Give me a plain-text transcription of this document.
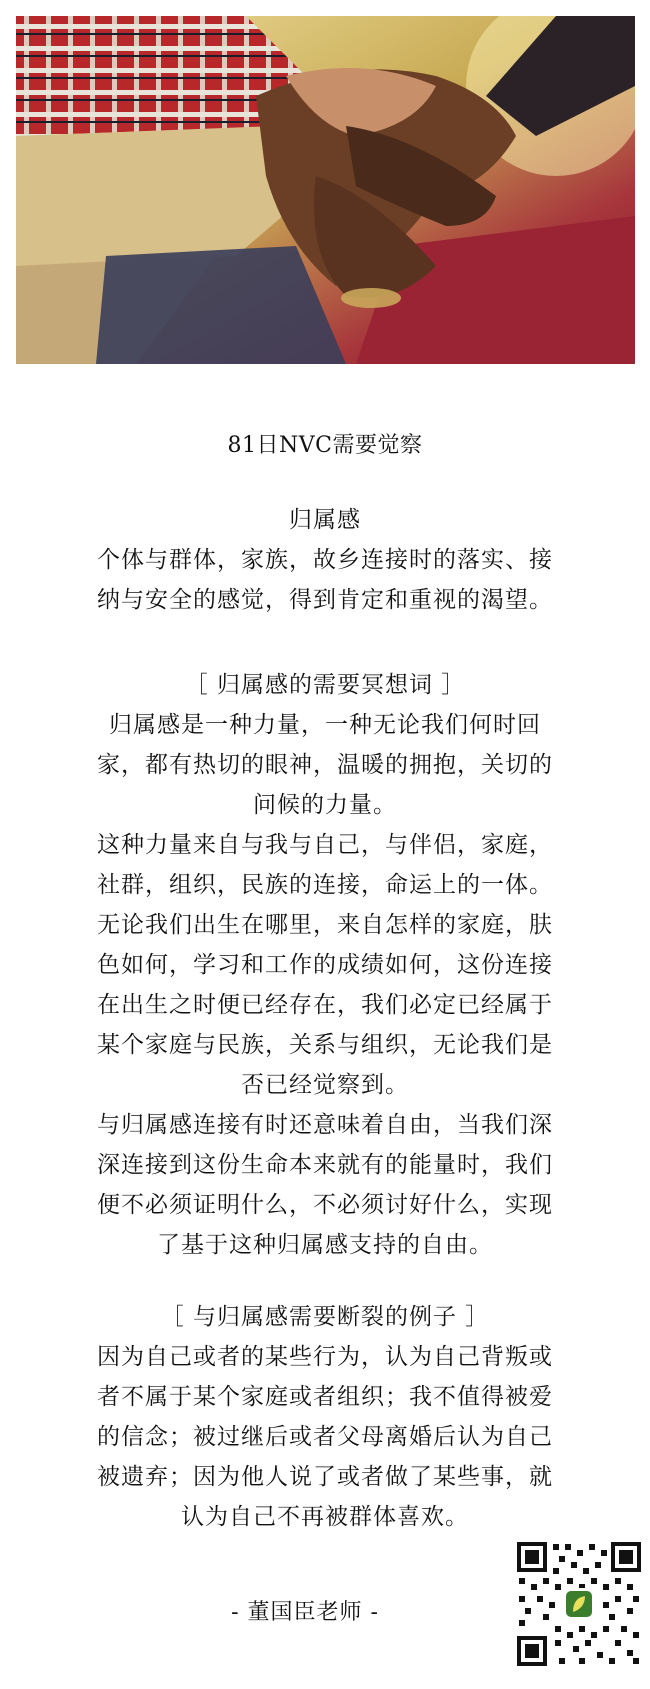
81日NVC需要觉察

归属感

个体与群体，家族，故乡连接时的落实、接

纳与安全的感觉，得到肯定和重视的渴望。

［ 归属感的需要冥想词 ］

归属感是一种力量，一种无论我们何时回

家，都有热切的眼神，温暖的拥抱，关切的

问候的力量。

这种力量来自与我与自己，与伴侣，家庭，

社群，组织，民族的连接，命运上的一体。

无论我们出生在哪里，来自怎样的家庭，肤

色如何，学习和工作的成绩如何，这份连接

在出生之时便已经存在，我们必定已经属于

某个家庭与民族，关系与组织，无论我们是

否已经觉察到。

与归属感连接有时还意味着自由，当我们深

深连接到这份生命本来就有的能量时，我们

便不必须证明什么，不必须讨好什么，实现

了基于这种归属感支持的自由。

［ 与归属感需要断裂的例子 ］

因为自己或者的某些行为，认为自己背叛或

者不属于某个家庭或者组织；我不值得被爱

的信念；被过继后或者父母离婚后认为自己

被遗弃；因为他人说了或者做了某些事，就

认为自己不再被群体喜欢。

- 董国臣老师 -
